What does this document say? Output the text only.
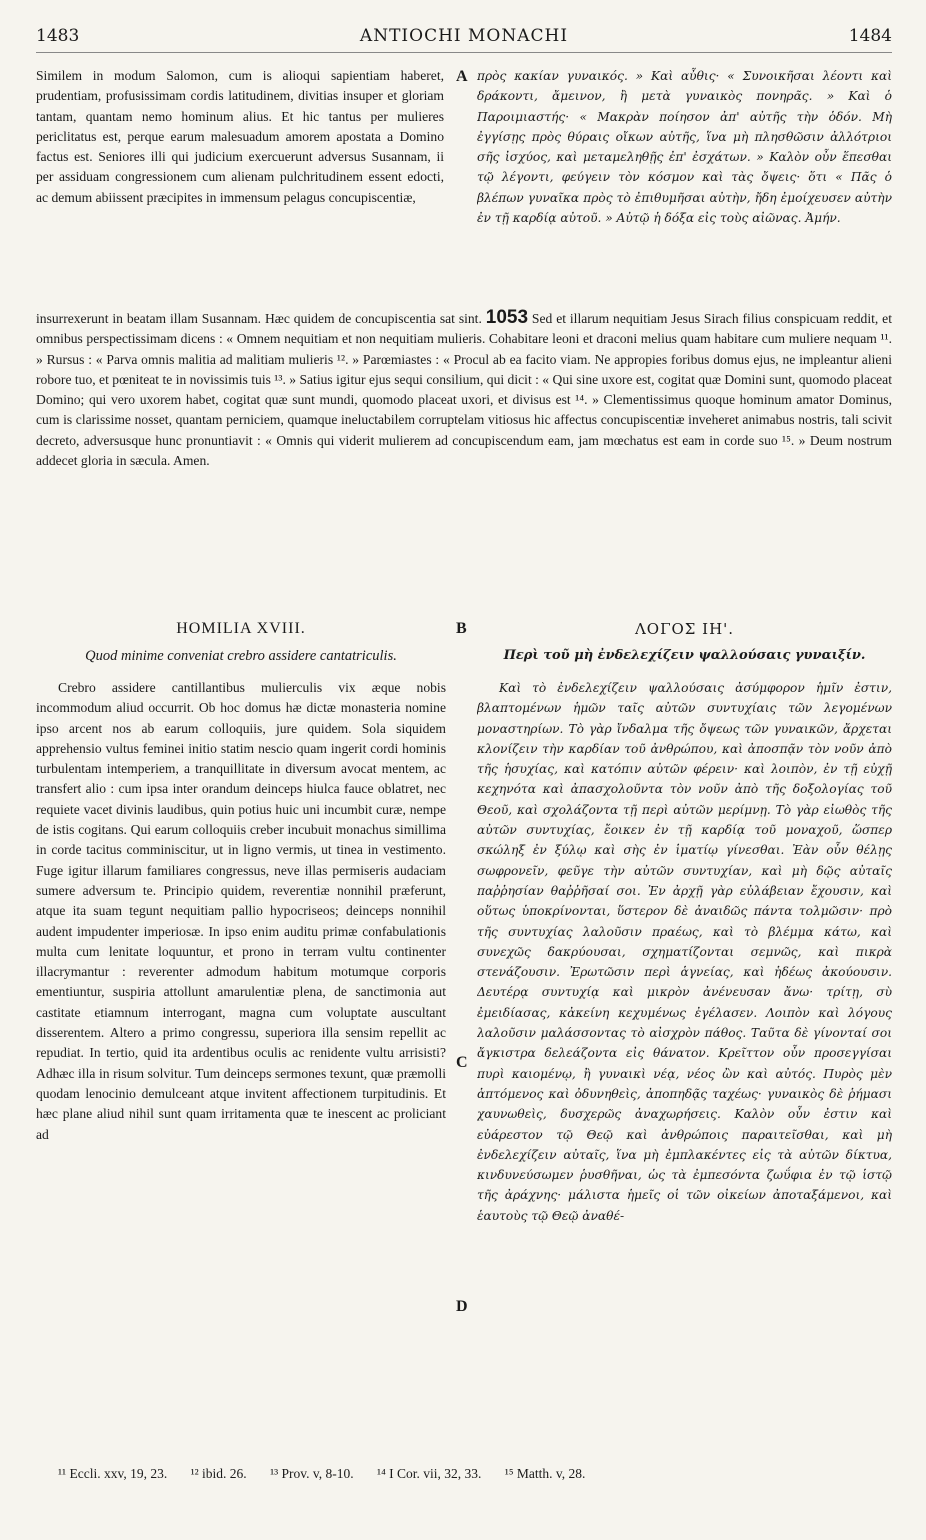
1483	ANTIOCHI MONACHI	1484
Similem in modum Salomon, cum is alioqui sapientiam haberet, prudentiam, profusissimam cordis latitudinem, divitias insuper et gloriam tantam, quantam nemo hominum alius. Et hic tantus per mulieres periclitatus est, perque earum malesuadum amorem apostata a Domino factus est. Seniores illi qui judicium exercuerunt adversus Susannam, ii per assiduam congressionem cum alienam pulchritudinem essent edocti, ac demum abiissent præcipites in immensum pelagus concupiscentiæ,
A πρὸς κακίαν γυναικός. » Καὶ αὖθις· « Συνοικῆσαι λέοντι καὶ δράκοντι, ἄμεινον, ἢ μετὰ γυναικὸς πονηρᾶς. » Καὶ ὁ Παροιμιαστής· « Μακρὰν ποίησον ἀπ' αὐτῆς τὴν ὁδόν. Μὴ ἐγγίσῃς πρὸς θύραις οἴκων αὐτῆς, ἵνα μὴ πλησθῶσιν ἀλλότριοι σῆς ἰσχύος, καὶ μεταμεληθῇς ἐπ' ἐσχάτων. » Καλὸν οὖν ἕπεσθαι τῷ λέγοντι, φεύγειν τὸν κόσμον καὶ τὰς ὄψεις· ὅτι « Πᾶς ὁ βλέπων γυναῖκα πρὸς τὸ ἐπιθυμῆσαι αὐτὴν, ἤδη ἐμοίχευσεν αὐτὴν ἐν τῇ καρδίᾳ αὐτοῦ. » Αὐτῷ ἡ δόξα εἰς τοὺς αἰῶνας. Ἀμήν.
insurrexerunt in beatam illam Susannam. Hæc quidem de concupiscentia sat sint. 1053 Sed et illarum nequitiam Jesus Sirach filius conspicuam reddit, et omnibus perspectissimam dicens : « Omnem nequitiam et non nequitiam mulieris. Cohabitare leoni et draconi melius quam habitare cum muliere nequam ¹¹. » Rursus : « Parva omnis malitia ad malitiam mulieris ¹². » Parœmiastes : « Procul ab ea facito viam. Ne appropies foribus domus ejus, ne impleantur alieni robore tuo, et pœniteat te in novissimis tuis ¹³. » Satius igitur ejus sequi consilium, qui dicit : « Qui sine uxore est, cogitat quæ Domini sunt, quomodo placeat Domino; qui vero uxorem habet, cogitat quæ sunt mundi, quomodo placeat uxori, et divisus est ¹⁴. » Clementissimus quoque hominum amator Dominus, cum is clarissime nosset, quantam perniciem, quamque ineluctabilem corruptelam vitiosus hic affectus concupiscentiæ inveheret animabus nostris, tali scivit decreto, adversusque hunc pronuntiavit : « Omnis qui viderit mulierem ad concupiscendum eam, jam mœchatus est eam in corde suo ¹⁵. » Deum nostrum addecet gloria in sæcula. Amen.
HOMILIA XVIII.	B	ΛΟΓΟΣ ΙΗ'.
Quod minime conveniat crebro assidere cantatriculis.	Περὶ τοῦ μὴ ἐνδελεχίζειν ψαλλούσαις γυναιξίν.

Crebro assidere cantillantibus mulierculis vix æque nobis incommodum aliud occurrit. Ob hoc domus hæ dictæ monasteria nomine ipso arcent nos ab earum colloquiis, jure quidem. Sola siquidem apprehensio vultus feminei initio statim nescio quam ingerit cordi hominis turbulentam intemperiem, a tranquillitate in diversum avocat mentem, ac transfert alio : cum ipsa inter orandum deinceps hiulca fauce oblatret, nec requiete vacet divinis laudibus, quin potius huic uni incumbit curæ, nempe de istis cogitans. Qui earum colloquiis creber incubuit monachus simillima in corde tacitus comminiscitur, ut in ligno vermis, ut tinea in vestimento. Fuge igitur illarum familiares congressus, neve illas permiseris audaciam sumere adversum te. Principio quidem, reverentiæ nonnihil præferunt, atque ita suam tegunt nequitiam pallio hypocriseos; deinceps nonnihil audent impudenter imperiosæ. In ipso enim auditu primæ confabulationis multa cum lenitate loquuntur, et prono in terram vultu continenter illacrymantur : reverenter admodum habitum motumque corporis ementiuntur, suspiria attollunt amarulentiæ plena, de sanctimonia aut castitate etiamnum interrogant, magna cum voluptate auscultant disserentem. Altero a primo congressu, superiora illa sensim repellit ac repudiat. In tertio, quid ita ardentibus oculis ac renidente vultu arrisisti? Adhæc illa in risum solvitur. Tum deinceps sermones texunt, quæ præmolli quodam lenocinio demulceant atque invitent affectionem turpitudinis. Et hæc plane aliud nihil sunt quam irritamenta quæ te inescent ac proliciant ad

C
D

Καὶ τὸ ἐνδελεχίζειν ψαλλούσαις ἀσύμφορον ἡμῖν ἐστιν, βλαπτομένων ἡμῶν ταῖς αὐτῶν συντυχίαις τῶν λεγομένων μοναστηρίων. Τὸ γὰρ ἴνδαλμα τῆς ὄψεως τῶν γυναικῶν, ἄρχεται κλονίζειν τὴν καρδίαν τοῦ ἀνθρώπου, καὶ ἀποσπᾷν τὸν νοῦν ἀπὸ τῆς ἡσυχίας, καὶ κατόπιν αὐτῶν φέρειν· καὶ λοιπὸν, ἐν τῇ εὐχῇ κεχηνότα καὶ ἀπασχολοῦντα τὸν νοῦν ἀπὸ τῆς δοξολογίας τοῦ Θεοῦ, καὶ σχολάζοντα τῇ περὶ αὐτῶν μερίμνῃ. Τὸ γὰρ εἰωθὸς τῆς αὐτῶν συντυχίας, ἔοικεν ἐν τῇ καρδίᾳ τοῦ μοναχοῦ, ὥσπερ σκώληξ ἐν ξύλῳ καὶ σὴς ἐν ἱματίῳ γίνεσθαι. Ἐὰν οὖν θέλῃς σωφρονεῖν, φεῦγε τὴν αὐτῶν συντυχίαν, καὶ μὴ δῷς αὐταῖς παῤῥησίαν θαῤῥῆσαί σοι. Ἐν ἀρχῇ γὰρ εὐλάβειαν ἔχουσιν, καὶ οὕτως ὑποκρίνονται, ὕστερον δὲ ἀναιδῶς πάντα τολμῶσιν· πρὸ τῆς συντυχίας λαλοῦσιν πραέως, καὶ τὸ βλέμμα κάτω, καὶ συνεχῶς δακρύουσαι, σχηματίζονται σεμνῶς, καὶ πικρὰ στενάζουσιν. Ἐρωτῶσιν περὶ ἁγνείας, καὶ ἡδέως ἀκούουσιν. Δευτέρᾳ συντυχίᾳ καὶ μικρὸν ἀνένευσαν ἄνω· τρίτῃ, σὺ ἐμειδίασας, κἀκείνη κεχυμένως ἐγέλασεν. Λοιπὸν καὶ λόγους λαλοῦσιν μαλάσσοντας τὸ αἰσχρὸν πάθος. Ταῦτα δὲ γίνονταί σοι ἄγκιστρα δελεάζοντα εἰς θάνατον. Κρεῖττον οὖν προσεγγίσαι πυρὶ καιομένῳ, ἢ γυναικὶ νέᾳ, νέος ὢν καὶ αὐτός. Πυρὸς μὲν ἁπτόμενος καὶ ὀδυνηθεὶς, ἀποπηδᾷς ταχέως· γυναικὸς δὲ ῥήμασι χαυνωθεὶς, δυσχερῶς ἀναχωρήσεις. Καλὸν οὖν ἐστιν καὶ εὐάρεστον τῷ Θεῷ καὶ ἀνθρώποις παραιτεῖσθαι, καὶ μὴ ἐνδελεχίζειν αὐταῖς, ἵνα μὴ ἐμπλακέντες εἰς τὰ αὐτῶν δίκτυα, κινδυνεύσωμεν ῥυσθῆναι, ὡς τὰ ἐμπεσόντα ζωΰφια ἐν τῷ ἱστῷ τῆς ἀράχνης· μάλιστα ἡμεῖς οἱ τῶν οἰκείων ἀποταξάμενοι, καὶ ἑαυτοὺς τῷ Θεῷ ἀναθέ-

¹¹ Eccli. xxv, 19, 23. ¹² ibid. 26. ¹³ Prov. v, 8-10. ¹⁴ I Cor. vii, 32, 33. ¹⁵ Matth. v, 28.
